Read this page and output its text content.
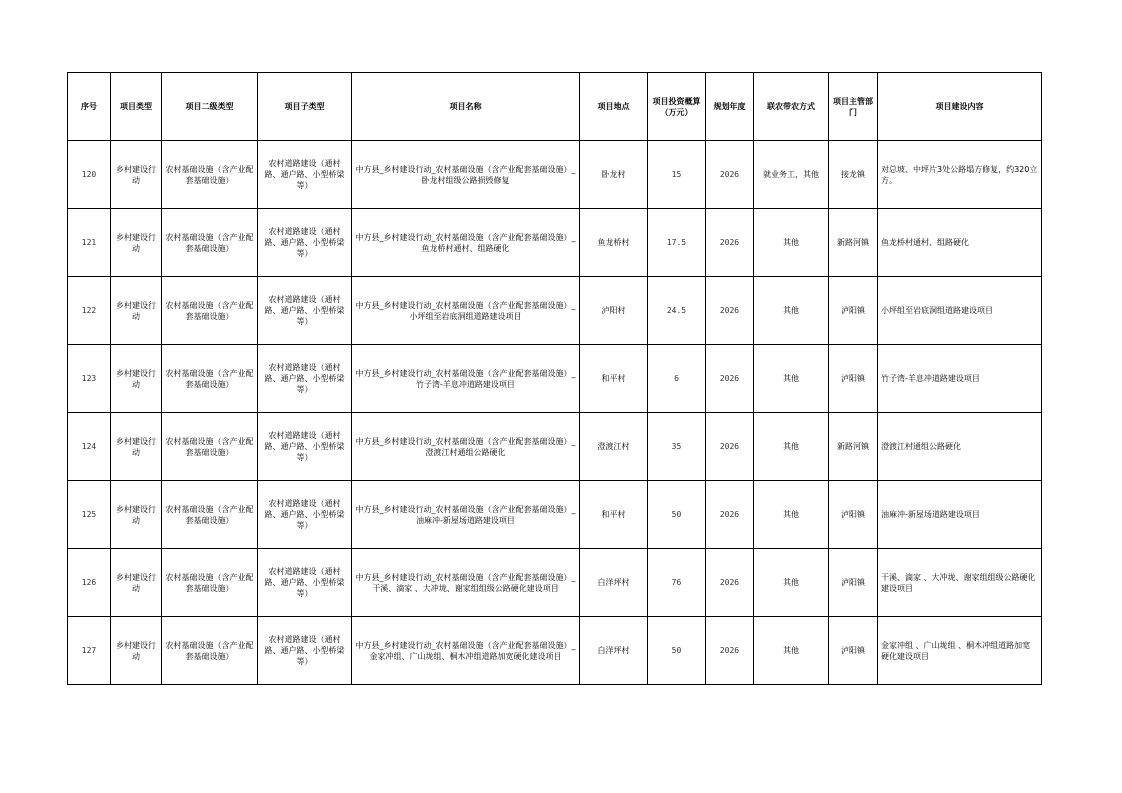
序号	项目类型	项目二级类型	项目子类型	项目名称	项目地点	项目投资概算（万元）	规划年度	联农带农方式	项目主管部门	项目建设内容
120	乡村建设行动	农村基础设施（含产业配套基础设施）	农村道路建设（通村路、通户路、小型桥梁等）	中方县_乡村建设行动_农村基础设施（含产业配套基础设施）_卧龙村组级公路损毁修复	卧龙村	15	2026	就业务工，其他	接龙镇	对总坡、中坪片3处公路塌方修复，约320立方。
121	乡村建设行动	农村基础设施（含产业配套基础设施）	农村道路建设（通村路、通户路、小型桥梁等）	中方县_乡村建设行动_农村基础设施（含产业配套基础设施）_鱼龙桥村通村、组路硬化	鱼龙桥村	17.5	2026	其他	新路河镇	鱼龙桥村通村、组路硬化
122	乡村建设行动	农村基础设施（含产业配套基础设施）	农村道路建设（通村路、通户路、小型桥梁等）	中方县_乡村建设行动_农村基础设施（含产业配套基础设施）_小坪组至岩底洞组道路建设项目	泸阳村	24.5	2026	其他	泸阳镇	小坪组至岩底洞组道路建设项目
123	乡村建设行动	农村基础设施（含产业配套基础设施）	农村道路建设（通村路、通户路、小型桥梁等）	中方县_乡村建设行动_农村基础设施（含产业配套基础设施）_竹子湾-羊息冲道路建设项目	和平村	6	2026	其他	泸阳镇	竹子湾-羊息冲道路建设项目
124	乡村建设行动	农村基础设施（含产业配套基础设施）	农村道路建设（通村路、通户路、小型桥梁等）	中方县_乡村建设行动_农村基础设施（含产业配套基础设施）_澄渡江村通组公路硬化	澄渡江村	35	2026	其他	新路河镇	澄渡江村通组公路硬化
125	乡村建设行动	农村基础设施（含产业配套基础设施）	农村道路建设（通村路、通户路、小型桥梁等）	中方县_乡村建设行动_农村基础设施（含产业配套基础设施）_油麻冲-新屋场道路建设项目	和平村	50	2026	其他	泸阳镇	油麻冲-新屋场道路建设项目
126	乡村建设行动	农村基础设施（含产业配套基础设施）	农村道路建设（通村路、通户路、小型桥梁等）	中方县_乡村建设行动_农村基础设施（含产业配套基础设施）_干溪、滴家 、大冲垅、谢家组组级公路硬化建设项目	白洋坪村	76	2026	其他	泸阳镇	干溪、滴家 、大冲垅、谢家组组级公路硬化建设项目
127	乡村建设行动	农村基础设施（含产业配套基础设施）	农村道路建设（通村路、通户路、小型桥梁等）	中方县_乡村建设行动_农村基础设施（含产业配套基础设施）_金家冲组、广山垅组、桐木冲组道路加宽硬化建设项目	白洋坪村	50	2026	其他	泸阳镇	金家冲组 、广山垅组 、桐木冲组道路加宽硬化建设项目
